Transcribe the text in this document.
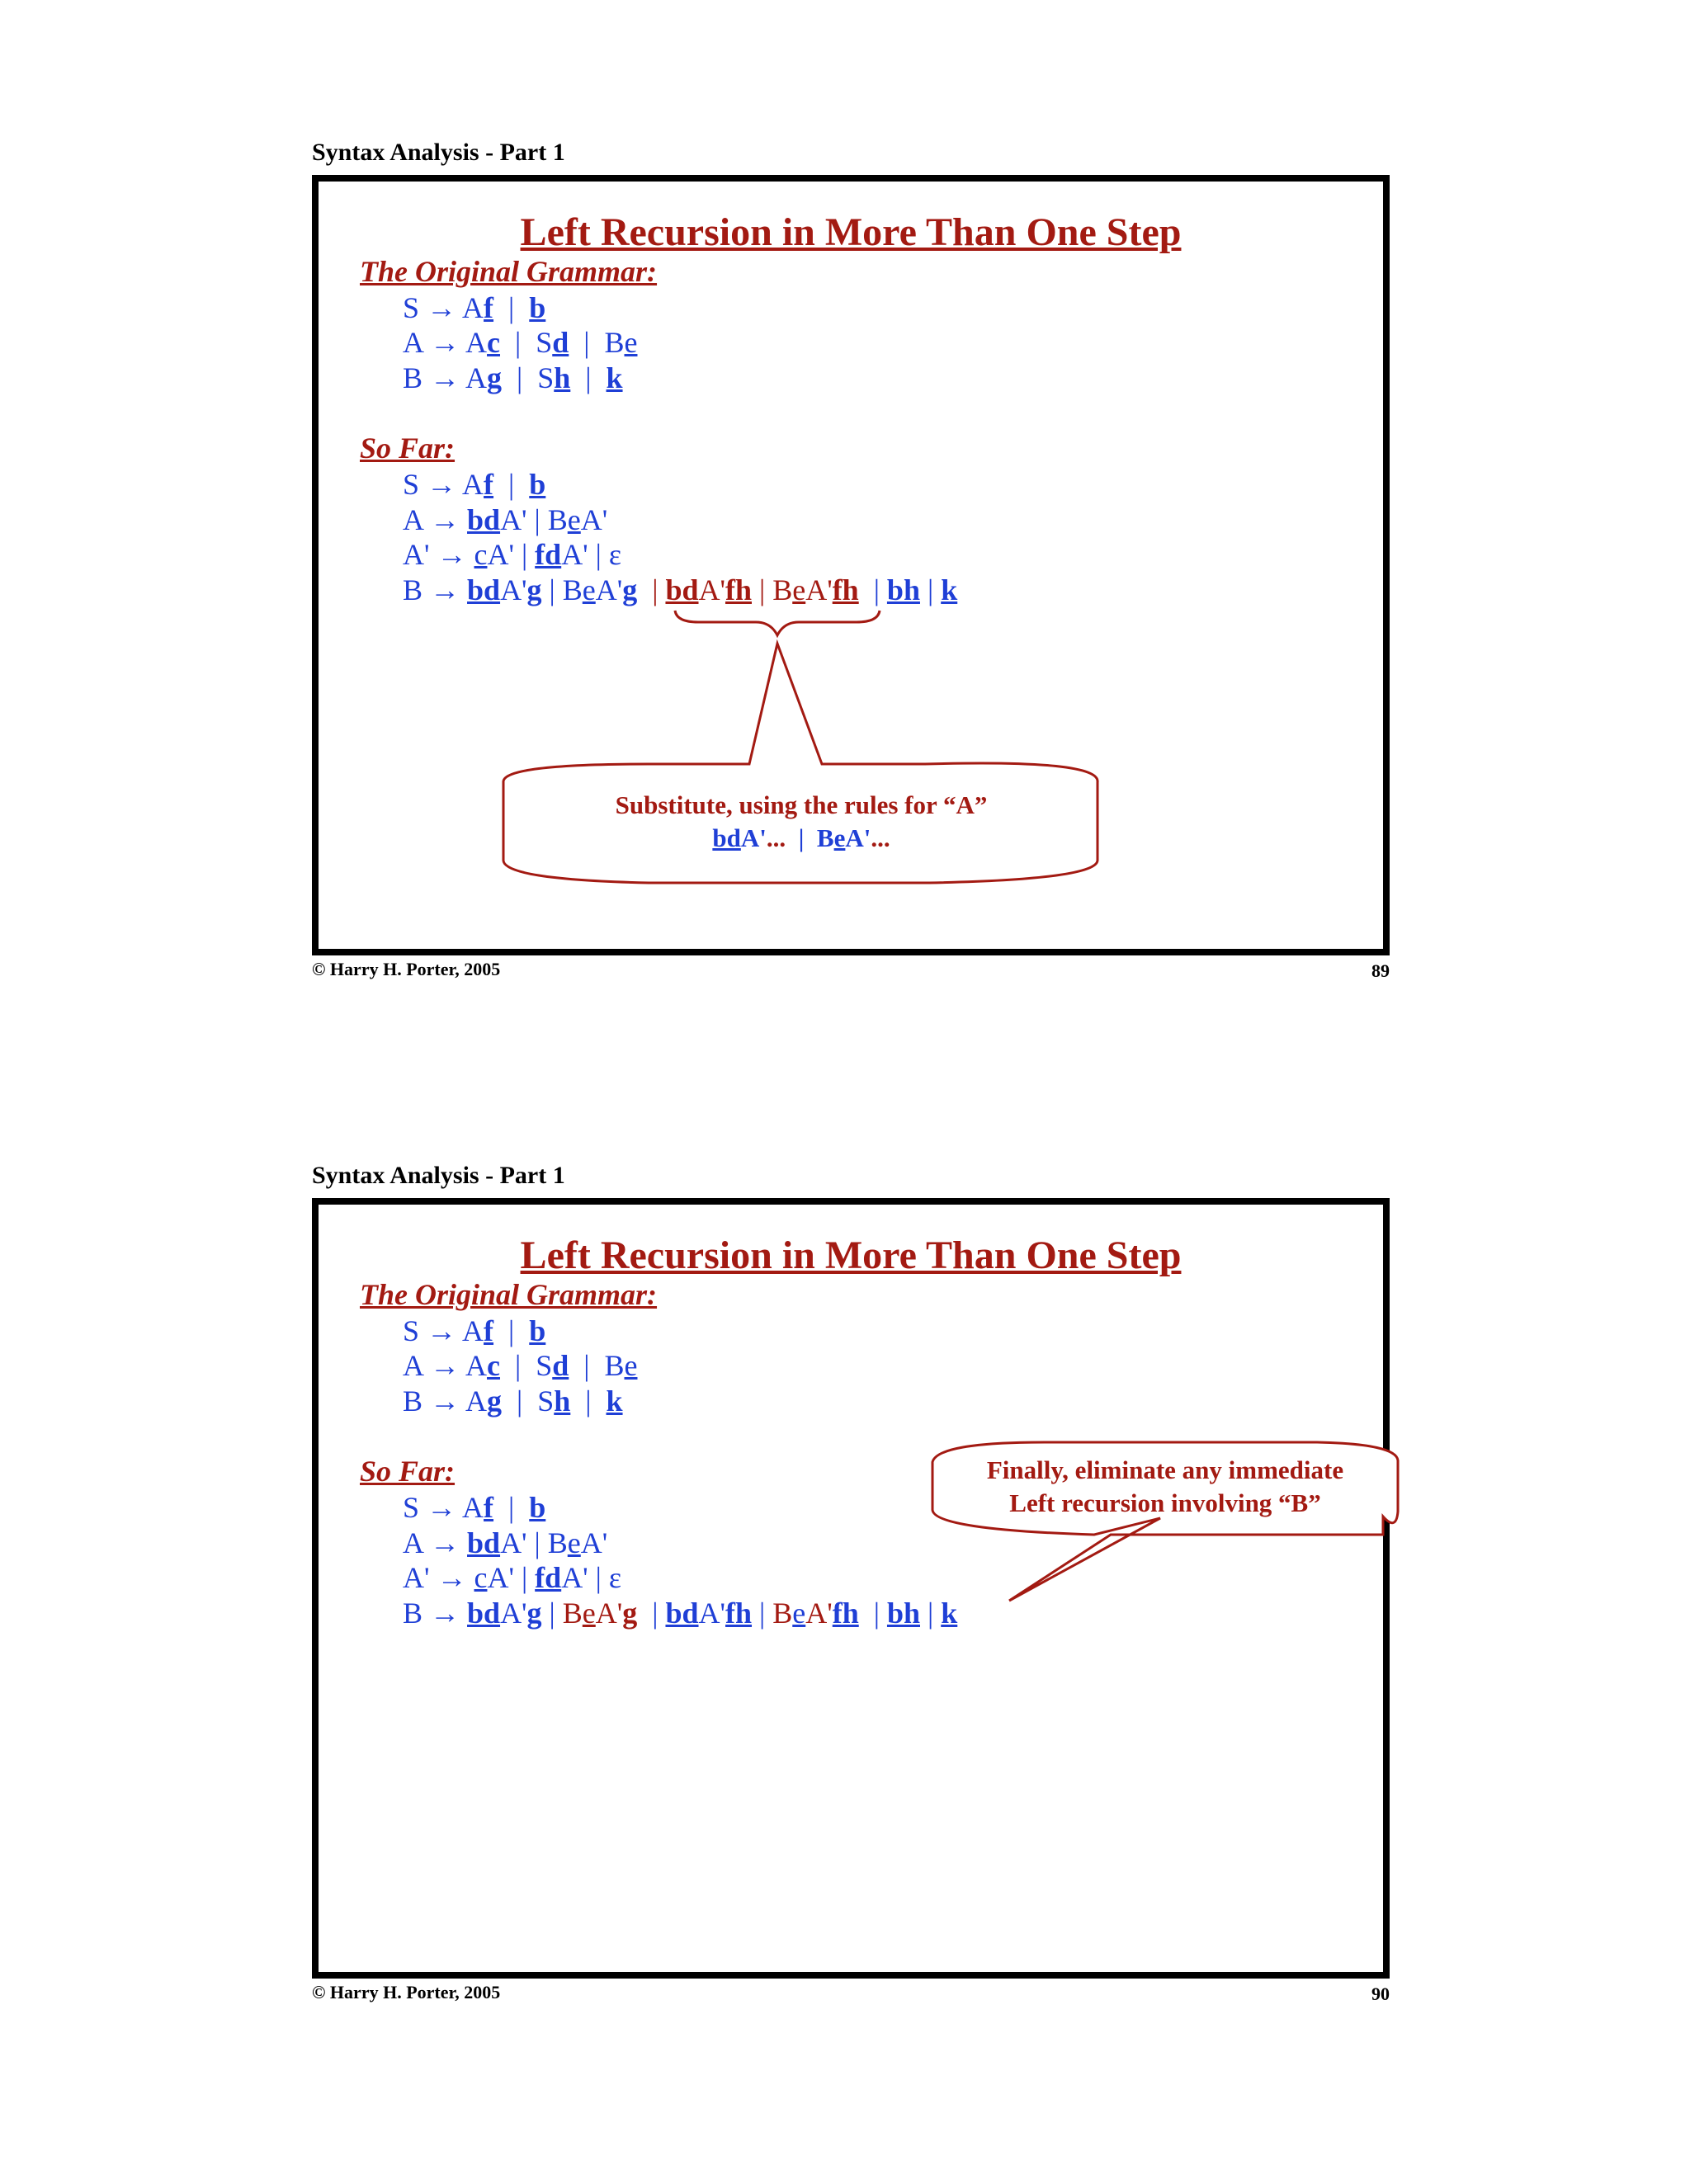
Syntax Analysis - Part 1
Left Recursion in More Than One Step
The Original Grammar:
S → Af  |  b
A → Ac  |  Sd  |  Be
B → Ag  |  Sh  |  k
So Far:
S → Af  |  b
A → bdA' | BeA'
A' → cA' | fdA' | ε
B → bdA'g | BeA'g | bdA'fh | BeA'fh  | bh | k
Substitute, using the rules for “A”
bdA'...  | BeA'...
© Harry H. Porter, 2005	89
Syntax Analysis - Part 1
Left Recursion in More Than One Step
The Original Grammar:
S → Af  |  b
A → Ac  |  Sd  |  Be
B → Ag  |  Sh  |  k
So Far:
S → Af  |  b
A → bdA' | BeA'
A' → cA' | fdA' | ε
B → bdA'g | BeA'g  | bdA'fh | BeA'fh  | bh | k
Finally, eliminate any immediate
Left recursion involving “B”
© Harry H. Porter, 2005	90
